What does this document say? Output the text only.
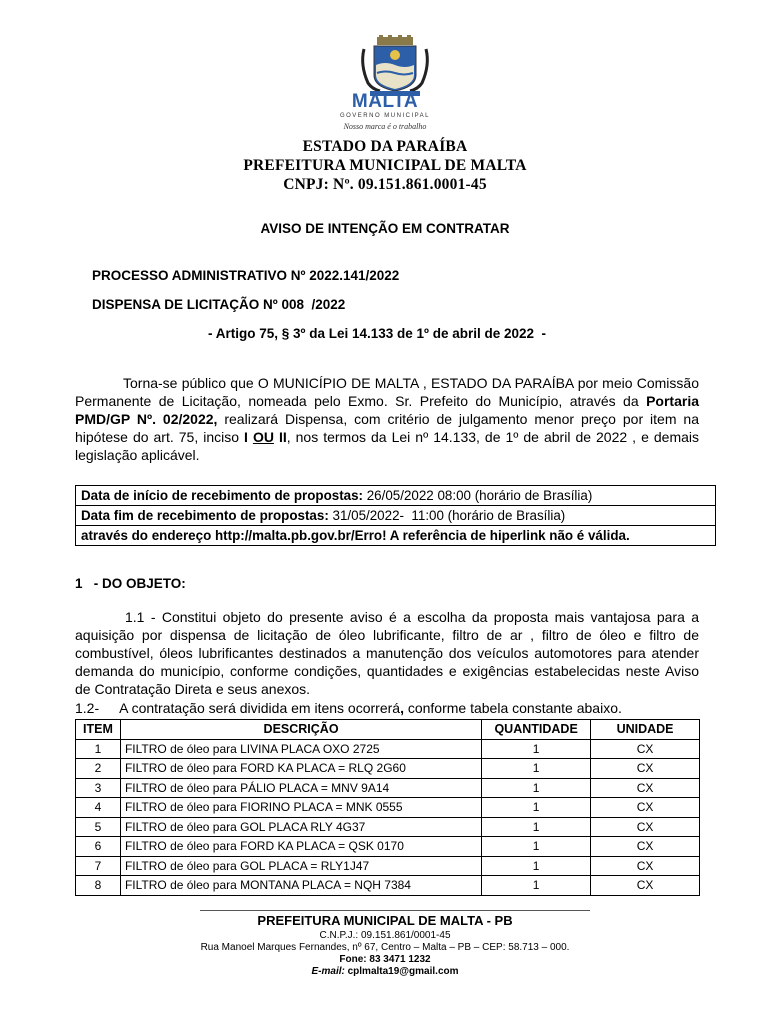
MALTA
GOVERNO MUNICIPAL
Nosso marca é o trabalho
ESTADO DA PARAÍBA
PREFEITURA MUNICIPAL DE MALTA
CNPJ: Nº. 09.151.861.0001-45
AVISO DE INTENÇÃO EM CONTRATAR
PROCESSO ADMINISTRATIVO Nº 2022.141/2022
DISPENSA DE LICITAÇÃO Nº 008  /2022
- Artigo 75, § 3º da Lei 14.133 de 1º de abril de 2022  -
Torna-se público que O MUNICÍPIO DE MALTA , ESTADO DA PARAÍBA por meio Comissão Permanente de Licitação, nomeada pelo Exmo. Sr. Prefeito do Município, através da Portaria PMD/GP Nº. 02/2022, realizará Dispensa, com critério de julgamento menor preço por item na hipótese do art. 75, inciso I OU II, nos termos da Lei nº 14.133, de 1º de abril de 2022 , e demais legislação aplicável.
Data de início de recebimento de propostas: 26/05/2022 08:00 (horário de Brasília)
Data fim de recebimento de propostas: 31/05/2022-  11:00 (horário de Brasília)
através do endereço http://malta.pb.gov.br/Erro! A referência de hiperlink não é válida.
1   - DO OBJETO:
1.1 - Constitui objeto do presente aviso é a escolha da proposta mais vantajosa para a aquisição por dispensa de licitação de óleo lubrificante, filtro de ar , filtro de óleo e filtro de combustível, óleos lubrificantes destinados a manutenção dos veículos automotores para atender demanda do município, conforme condições, quantidades e exigências estabelecidas neste Aviso de Contratação Direta e seus anexos.
1.2- A contratação será dividida em itens ocorrerá, conforme tabela constante abaixo.
ITEM	DESCRIÇÃO	QUANTIDADE	UNIDADE
1	FILTRO de óleo para LIVINA PLACA OXO 2725	1	CX
2	FILTRO de óleo para FORD KA PLACA = RLQ 2G60	1	CX
3	FILTRO de óleo para PÁLIO PLACA = MNV 9A14	1	CX
4	FILTRO de óleo para FIORINO PLACA = MNK 0555	1	CX
5	FILTRO de óleo para GOL PLACA RLY 4G37	1	CX
6	FILTRO de óleo para FORD KA PLACA = QSK 0170	1	CX
7	FILTRO de óleo para GOL PLACA = RLY1J47	1	CX
8	FILTRO de óleo para MONTANA PLACA = NQH 7384	1	CX
PREFEITURA MUNICIPAL DE MALTA - PB
C.N.P.J.: 09.151.861/0001-45
Rua Manoel Marques Fernandes, nº 67, Centro – Malta – PB – CEP: 58.713 – 000.
Fone: 83 3471 1232
E-mail: cplmalta19@gmail.com
